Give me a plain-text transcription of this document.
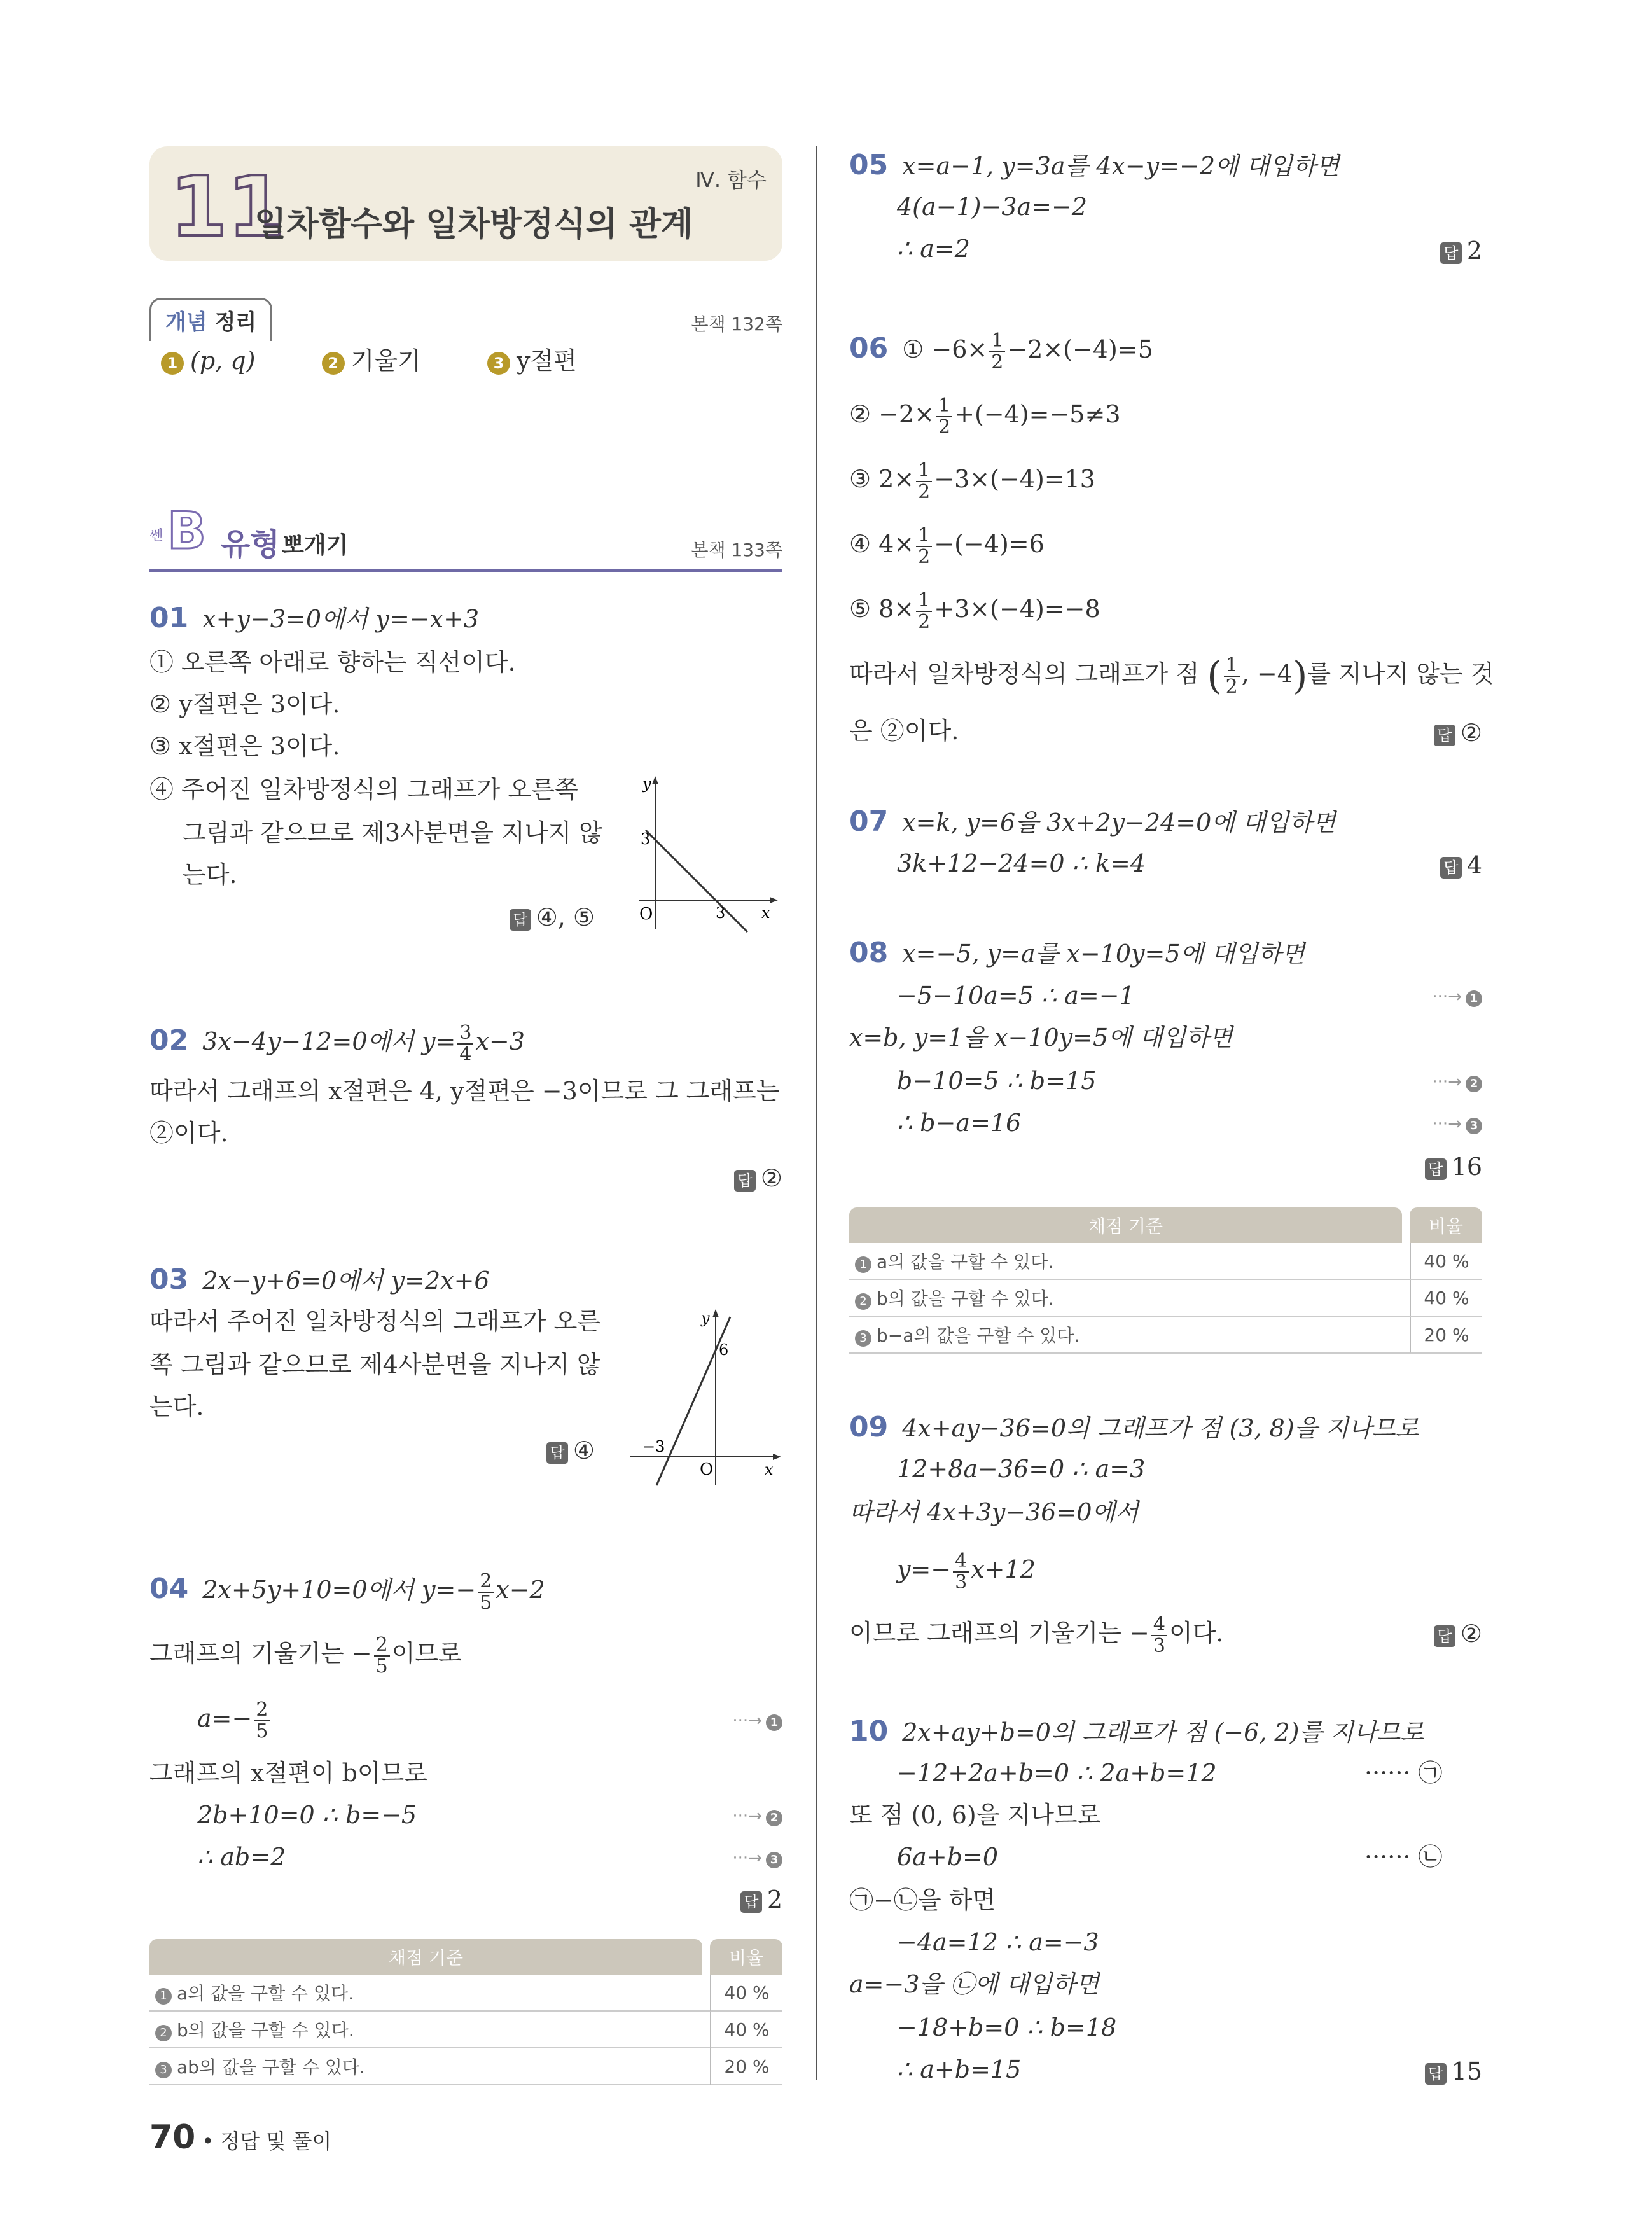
11
일차함수와 일차방정식의 관계
Ⅳ. 함수
개념 정리	본책 132쪽
1 (p, q)	2 기울기	3 y절편
쎈 B 유형 뽀개기	본책 133쪽
01 x+y−3=0에서 y=−x+3
① 오른쪽 아래로 향하는 직선이다.
② y절편은 3이다.
③ x절편은 3이다.
④ 주어진 일차방정식의 그래프가 오른쪽
그림과 같으므로 제3사분면을 지나지 않
는다.
답 ④, ⑤
y
x
O
3
3
02 3x−4y−12=0에서 $y= \frac{3}{4} x-3$
따라서 그래프의 x절편은 4, y절편은 −3이므로 그 그래프는
②이다.
답 ②
03 2x−y+6=0에서 y=2x+6
따라서 주어진 일차방정식의 그래프가 오른
쪽 그림과 같으므로 제4사분면을 지나지 않
는다.
답 ④
y
x
O
6
−3
04 2x+5y+10=0에서 $y=- \frac{2}{5} x-2$
그래프의 기울기는 − $\frac{2}{5}$ 이므로
$a=- \frac{2}{5}$	···→ 1
그래프의 x절편이 b이므로
2b+10=0 ∴ b=−5	···→ 2
∴ ab=2	···→ 3
답 2
채점 기준		비율
1 a의 값을 구할 수 있다.		40 %
2 b의 값을 구할 수 있다.		40 %
3 ab의 값을 구할 수 있다.		20 %
05 x=a−1, y=3a를 4x−y=−2에 대입하면
4(a−1)−3a=−2
∴ a=2	답 2
06 ① $-6\times \frac{1}{2} -2\times(-4)=5$
② $-2\times \frac{1}{2} +(-4)=-5\ne 3$
③ $2\times \frac{1}{2} -3\times(-4)=13$
④ $4\times \frac{1}{2} -(-4)=6$
⑤ $8\times \frac{1}{2} +3\times(-4)=-8$
따라서 일차방정식의 그래프가 점 ( $\frac{1}{2}$ , −4)를 지나지 않는 것
은 ②이다.	답 ②
07 x=k, y=6을 3x+2y−24=0에 대입하면
3k+12−24=0 ∴ k=4	답 4
08 x=−5, y=a를 x−10y=5에 대입하면
−5−10a=5 ∴ a=−1	···→ 1
x=b, y=1을 x−10y=5에 대입하면
b−10=5 ∴ b=15	···→ 2
∴ b−a=16	···→ 3
답 16
채점 기준		비율
1 a의 값을 구할 수 있다.		40 %
2 b의 값을 구할 수 있다.		40 %
3 b−a의 값을 구할 수 있다.		20 %
09 4x+ay−36=0의 그래프가 점 (3, 8)을 지나므로
12+8a−36=0 ∴ a=3
따라서 4x+3y−36=0에서
$y=- \frac{4}{3} x+12$
이므로 그래프의 기울기는 − $\frac{4}{3}$ 이다.	답 ②
10 2x+ay+b=0의 그래프가 점 (−6, 2)를 지나므로
−12+2a+b=0 ∴ 2a+b=12	······ ㉠
또 점 (0, 6)을 지나므로
6a+b=0	······ ㉡
㉠−㉡을 하면
−4a=12 ∴ a=−3
a=−3을 ㉡에 대입하면
−18+b=0 ∴ b=18
∴ a+b=15	답 15
70 • 정답 및 풀이
